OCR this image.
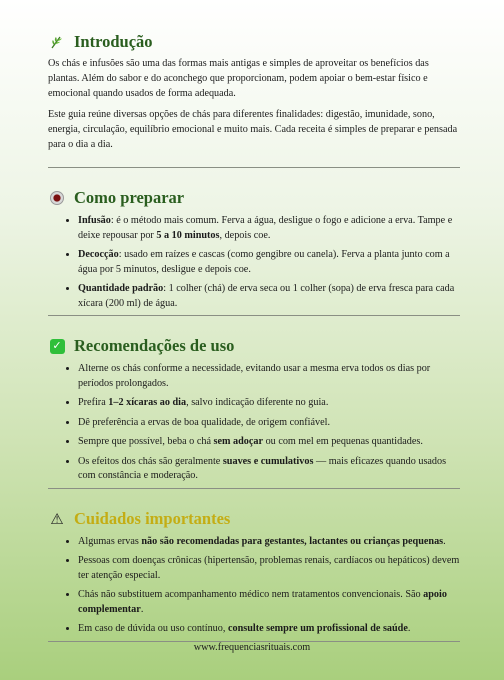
Introdução

Os chás e infusões são uma das formas mais antigas e simples de aproveitar os benefícios das plantas. Além do sabor e do aconchego que proporcionam, podem apoiar o bem-estar físico e emocional quando usados de forma adequada.

Este guia reúne diversas opções de chás para diferentes finalidades: digestão, imunidade, sono, energia, circulação, equilíbrio emocional e muito mais. Cada receita é simples de preparar e pensada para o dia a dia.

Como preparar
• Infusão: é o método mais comum. Ferva a água, desligue o fogo e adicione a erva. Tampe e deixe repousar por 5 a 10 minutos, depois coe.
• Decocção: usado em raízes e cascas (como gengibre ou canela). Ferva a planta junto com a água por 5 minutos, desligue e depois coe.
• Quantidade padrão: 1 colher (chá) de erva seca ou 1 colher (sopa) de erva fresca para cada xícara (200 ml) de água.
✓ Recomendações de uso
• Alterne os chás conforme a necessidade, evitando usar a mesma erva todos os dias por períodos prolongados.
• Prefira 1–2 xícaras ao dia, salvo indicação diferente no guia.
• Dê preferência a ervas de boa qualidade, de origem confiável.
• Sempre que possível, beba o chá sem adoçar ou com mel em pequenas quantidades.
• Os efeitos dos chás são geralmente suaves e cumulativos — mais eficazes quando usados com constância e moderação.
⚠ Cuidados importantes
• Algumas ervas não são recomendadas para gestantes, lactantes ou crianças pequenas.
• Pessoas com doenças crônicas (hipertensão, problemas renais, cardíacos ou hepáticos) devem ter atenção especial.
• Chás não substituem acompanhamento médico nem tratamentos convencionais. São apoio complementar.
• Em caso de dúvida ou uso contínuo, consulte sempre um profissional de saúde.
www.frequenciasrituais.com
